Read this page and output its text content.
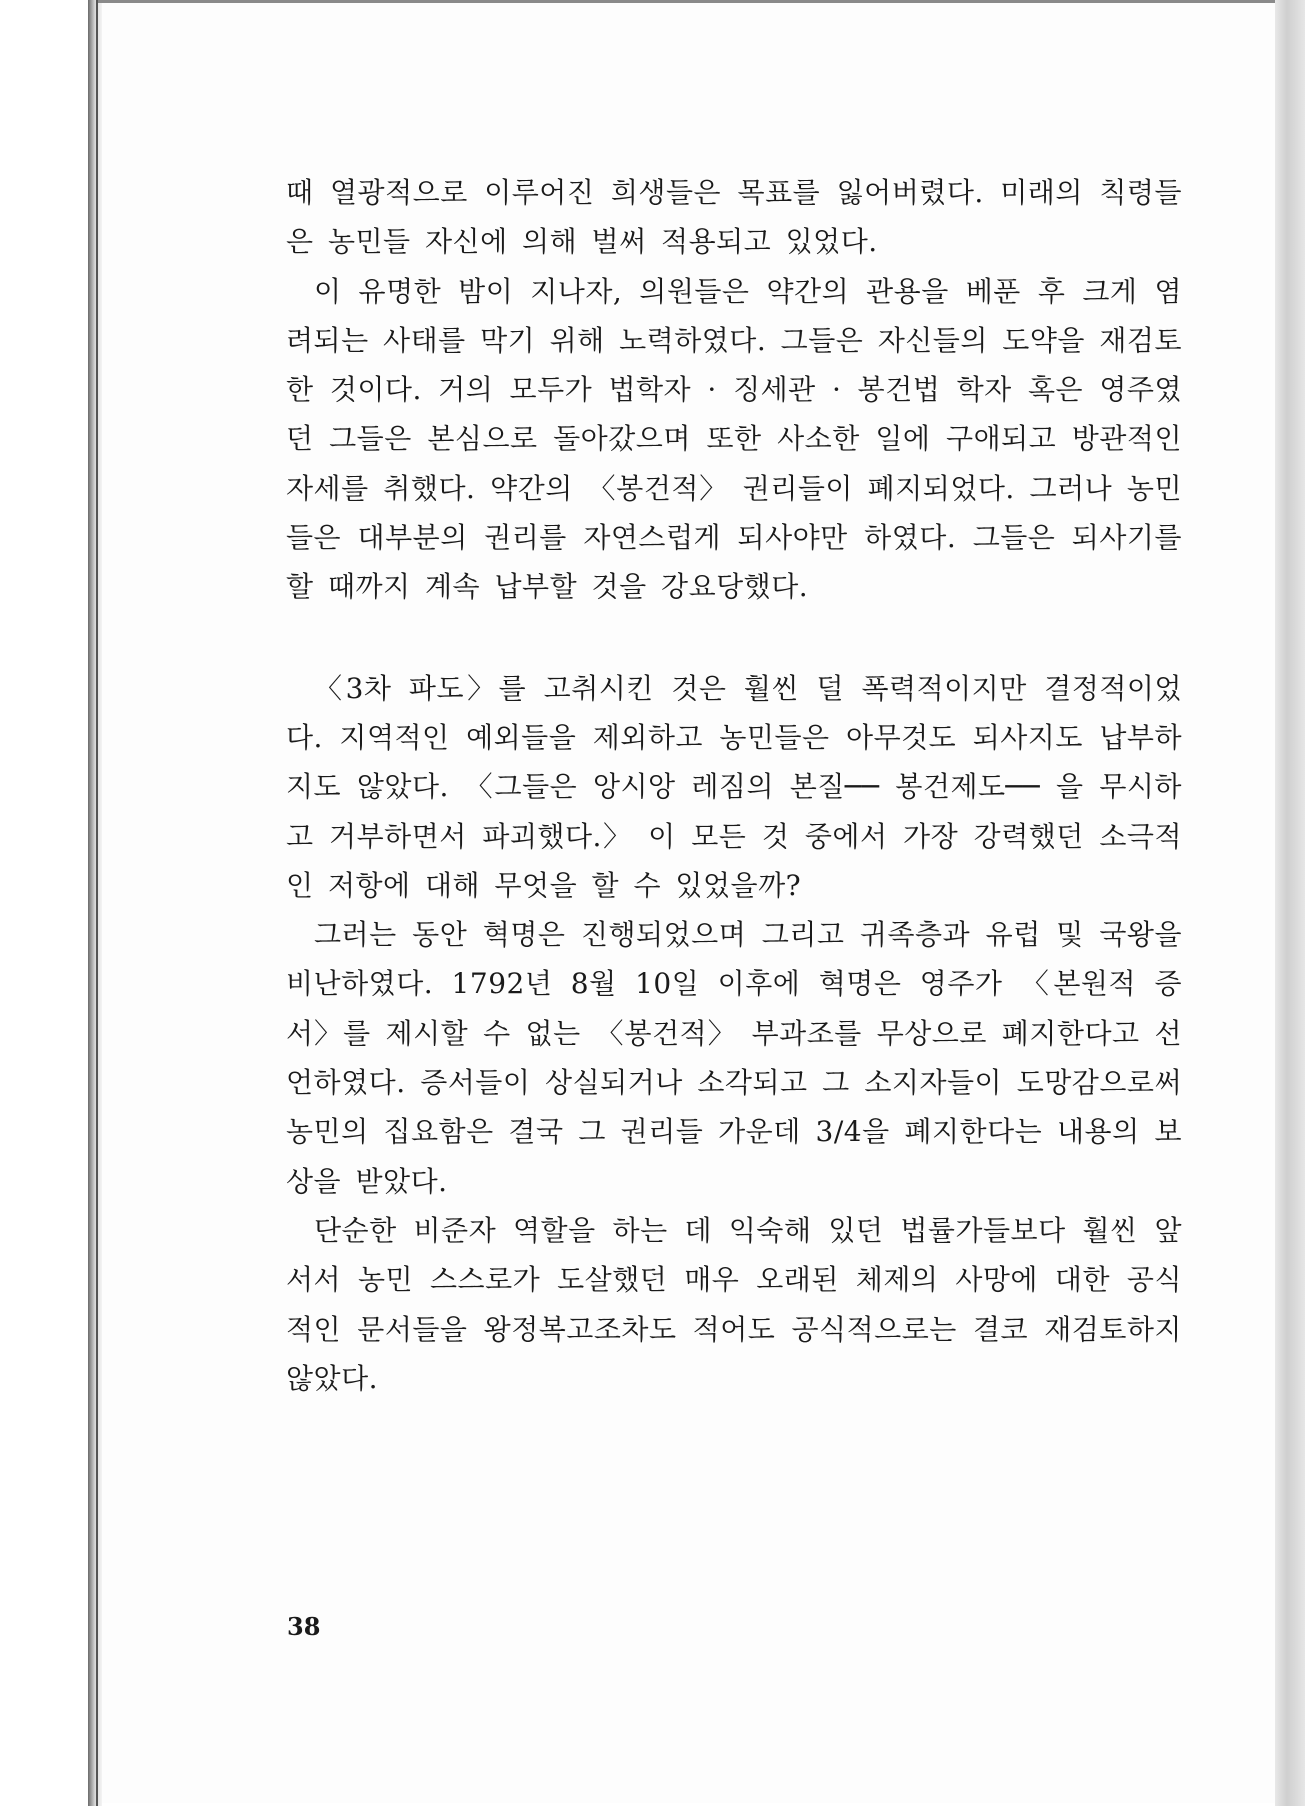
때 열광적으로 이루어진 희생들은 목표를 잃어버렸다. 미래의 칙령들은 농민들 자신에 의해 벌써 적용되고 있었다.

이 유명한 밤이 지나자, 의원들은 약간의 관용을 베푼 후 크게 염려되는 사태를 막기 위해 노력하였다. 그들은 자신들의 도약을 재검토한 것이다. 거의 모두가 법학자 · 징세관 · 봉건법 학자 혹은 영주였던 그들은 본심으로 돌아갔으며 또한 사소한 일에 구애되고 방관적인 자세를 취했다. 약간의 〈봉건적〉 권리들이 폐지되었다. 그러나 농민들은 대부분의 권리를 자연스럽게 되사야만 하였다. 그들은 되사기를 할 때까지 계속 납부할 것을 강요당했다.

〈3차 파도〉를 고취시킨 것은 훨씬 덜 폭력적이지만 결정적이었다. 지역적인 예외들을 제외하고 농민들은 아무것도 되사지도 납부하지도 않았다. 〈그들은 앙시앙 레짐의 본질── 봉건제도── 을 무시하고 거부하면서 파괴했다.〉 이 모든 것 중에서 가장 강력했던 소극적인 저항에 대해 무엇을 할 수 있었을까?

그러는 동안 혁명은 진행되었으며 그리고 귀족층과 유럽 및 국왕을 비난하였다. 1792년 8월 10일 이후에 혁명은 영주가 〈본원적 증서〉를 제시할 수 없는 〈봉건적〉 부과조를 무상으로 폐지한다고 선언하였다. 증서들이 상실되거나 소각되고 그 소지자들이 도망감으로써 농민의 집요함은 결국 그 권리들 가운데 3/4을 폐지한다는 내용의 보상을 받았다.

단순한 비준자 역할을 하는 데 익숙해 있던 법률가들보다 훨씬 앞서서 농민 스스로가 도살했던 매우 오래된 체제의 사망에 대한 공식적인 문서들을 왕정복고조차도 적어도 공식적으로는 결코 재검토하지 않았다.

38
